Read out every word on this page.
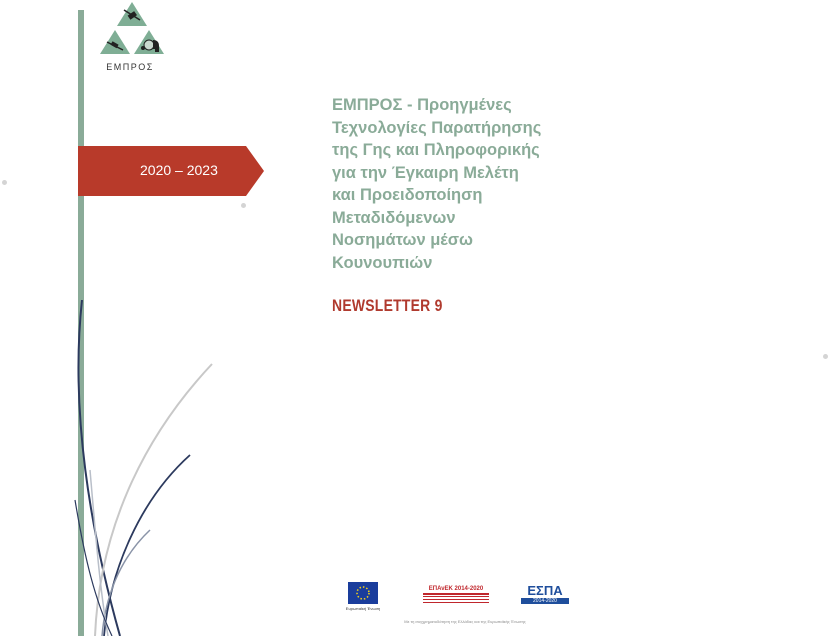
ΕΜΠΡΟΣ
2020 – 2023
ΕΜΠΡΟΣ - Προηγμένες
Τεχνολογίες Παρατήρησης
της Γης και Πληροφορικής
για την Έγκαιρη Μελέτη
και Προειδοποίηση
Μεταδιδόμενων
Νοσημάτων μέσω
Κουνουπιών
NEWSLETTER 9
Ευρωπαϊκή Ένωση
ΕΠΑνΕΚ 2014-2020	ΕΣΠΑ
2014-2020
Με τη συγχρηματοδότηση της Ελλάδας και της Ευρωπαϊκής Ένωσης
